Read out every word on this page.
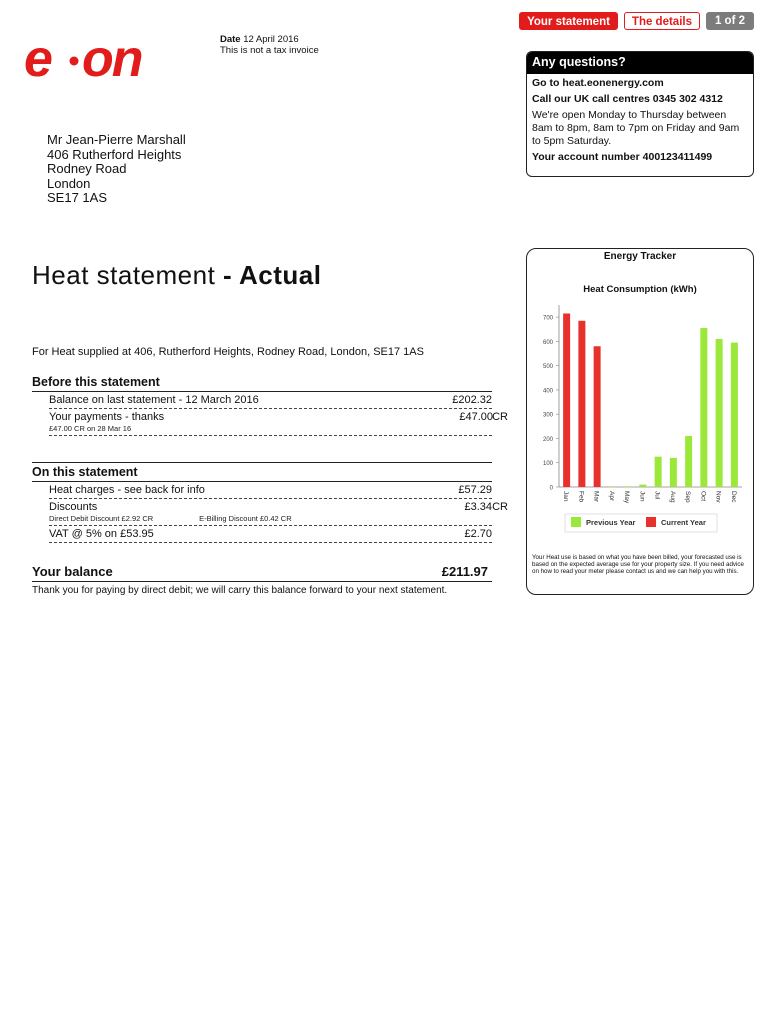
e on	Date 12 April 2016
This is not a tax invoice
Your statement	The details	1 of 2
Any questions?
Go to heat.eonenergy.com
Call our UK call centres 0345 302 4312
We're open Monday to Thursday between 8am to 8pm, 8am to 7pm on Friday and 9am to 5pm Saturday.
Your account number 400123411499
Mr Jean-Pierre Marshall
406 Rutherford Heights
Rodney Road
London
SE17 1AS
Heat statement - Actual
For Heat supplied at 406, Rutherford Heights, Rodney Road, London, SE17 1AS
Before this statement
Balance on last statement - 12 March 2016	£202.32
Your payments - thanks	£47.00 CR
£47.00 CR on 28 Mar 16
On this statement
Heat charges - see back for info	£57.29
Discounts	£3.34 CR
Direct Debit Discount £2.92 CR	E-Billing Discount £0.42 CR
VAT @ 5% on £53.95	£2.70
Your balance	£211.97
Thank you for paying by direct debit; we will carry this balance forward to your next statement.
Energy Tracker
Heat Consumption (kWh)
0
100
200
300
400
500
600
700
Jan Feb Mar Apr May Jun Jul Aug Sep Oct Nov Dec
Previous Year	Current Year
Your Heat use is based on what you have been billed, your forecasted use is based on the expected average use for your property size. If you need advice on how to read your meter please contact us and we can help you with this.
